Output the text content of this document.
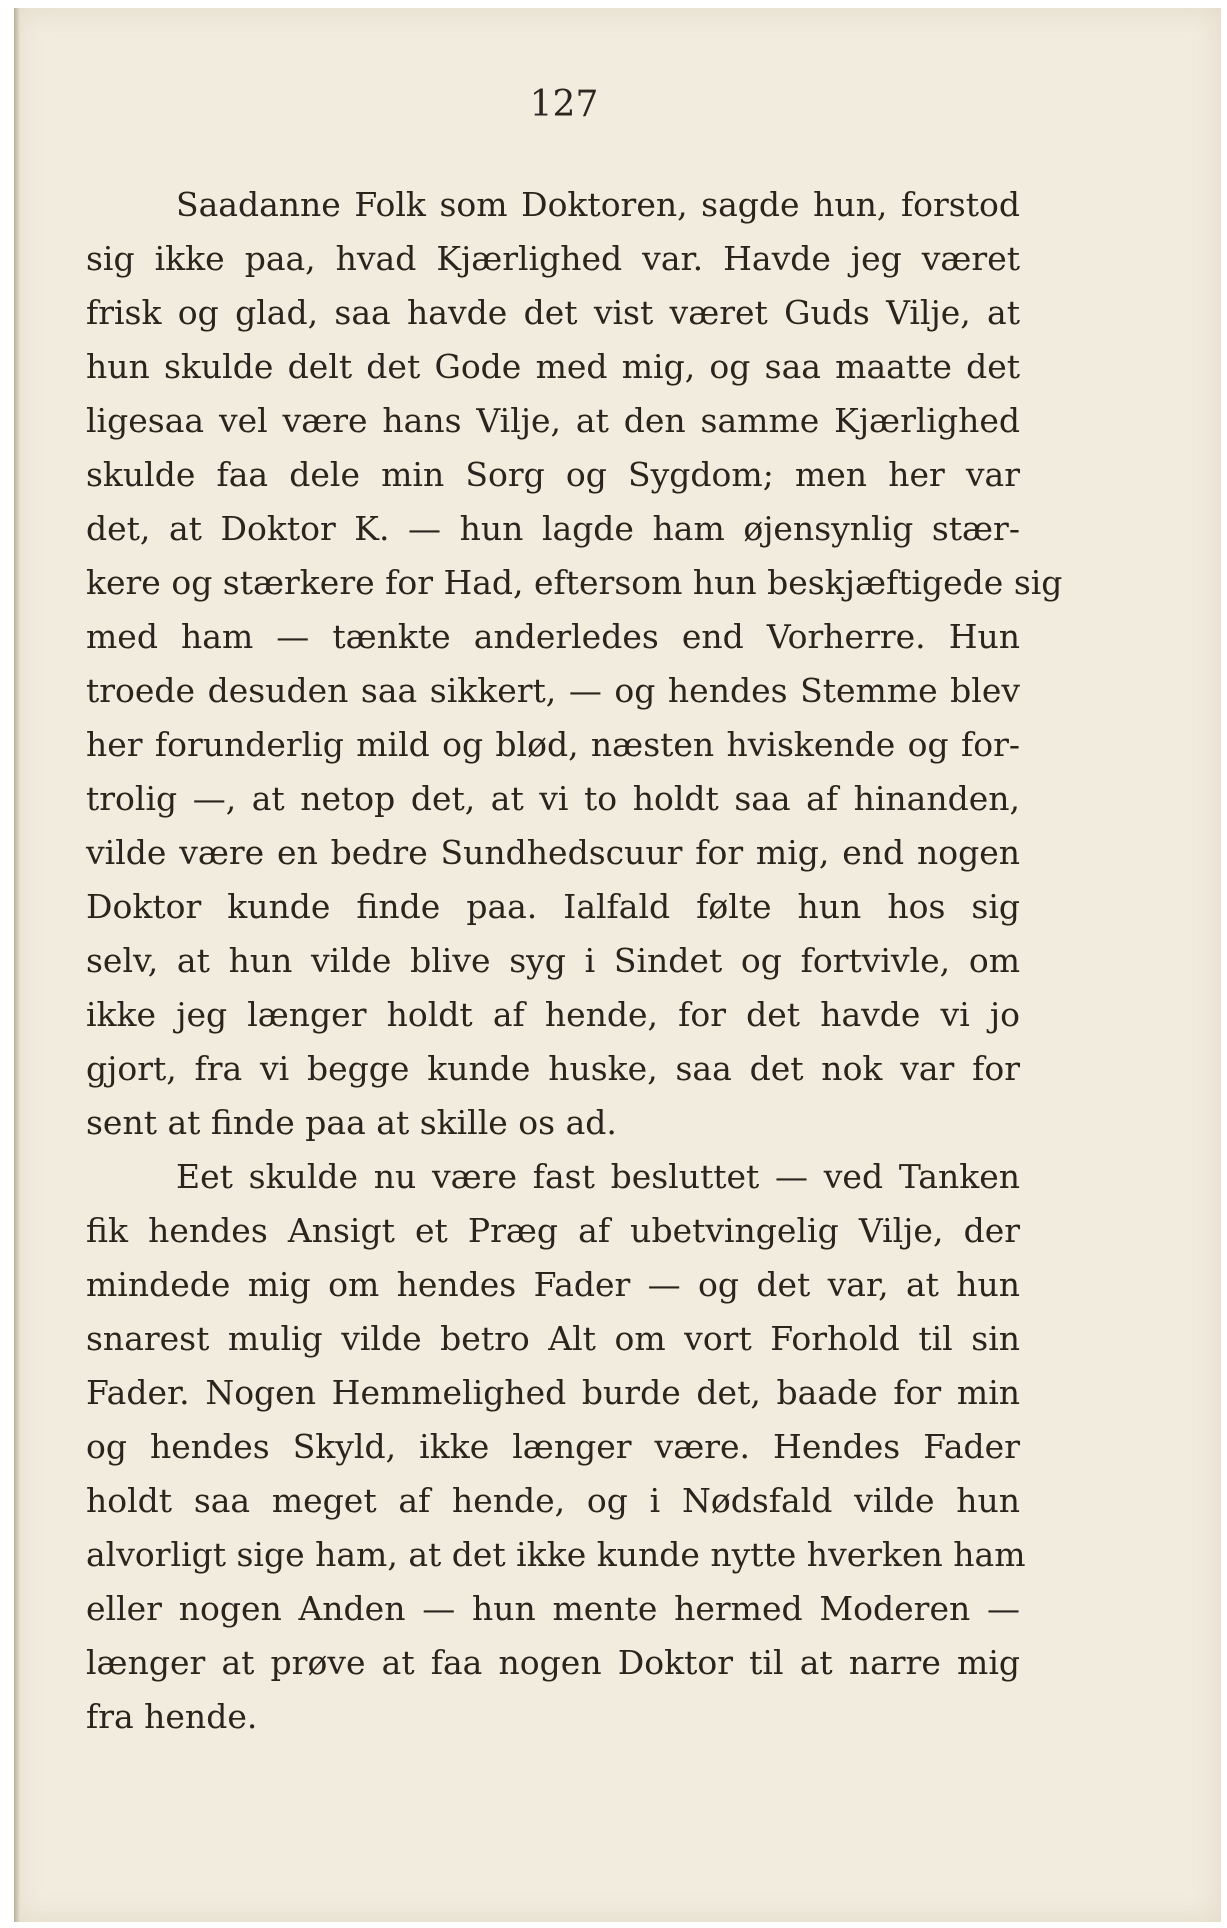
127
Saadanne Folk som Doktoren, sagde hun, forstod
sig ikke paa, hvad Kjærlighed var. Havde jeg været
frisk og glad, saa havde det vist været Guds Vilje, at
hun skulde delt det Gode med mig, og saa maatte det
ligesaa vel være hans Vilje, at den samme Kjærlighed
skulde faa dele min Sorg og Sygdom; men her var
det, at Doktor K. — hun lagde ham øjensynlig stær-
kere og stærkere for Had, eftersom hun beskjæftigede sig
med ham — tænkte anderledes end Vorherre. Hun
troede desuden saa sikkert, — og hendes Stemme blev
her forunderlig mild og blød, næsten hviskende og for-
trolig —, at netop det, at vi to holdt saa af hinanden,
vilde være en bedre Sundhedscuur for mig, end nogen
Doktor kunde finde paa. Ialfald følte hun hos sig
selv, at hun vilde blive syg i Sindet og fortvivle, om
ikke jeg længer holdt af hende, for det havde vi jo
gjort, fra vi begge kunde huske, saa det nok var for
sent at finde paa at skille os ad.
Eet skulde nu være fast besluttet — ved Tanken
fik hendes Ansigt et Præg af ubetvingelig Vilje, der
mindede mig om hendes Fader — og det var, at hun
snarest mulig vilde betro Alt om vort Forhold til sin
Fader. Nogen Hemmelighed burde det, baade for min
og hendes Skyld, ikke længer være. Hendes Fader
holdt saa meget af hende, og i Nødsfald vilde hun
alvorligt sige ham, at det ikke kunde nytte hverken ham
eller nogen Anden — hun mente hermed Moderen —
længer at prøve at faa nogen Doktor til at narre mig
fra hende.
